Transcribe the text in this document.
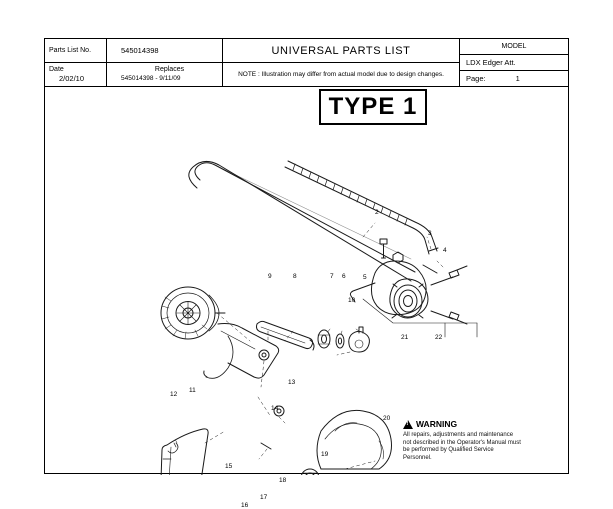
Parts List No.	545014398
Date
2/02/10
Replaces
545014398 - 9/11/09
UNIVERSAL PARTS LIST
NOTE : Illustration may differ from actual model due to design changes.
MODEL
LDX Edger Att.
Page:	1
TYPE 1
2
3
4
5
6
7
8
9
10
11
12
13
14
15
16
17
18
19
20
21	22
!
WARNING
All repairs, adjustments and maintenance not described in the Operator's Manual must be performed by Qualified Service Personnel.
